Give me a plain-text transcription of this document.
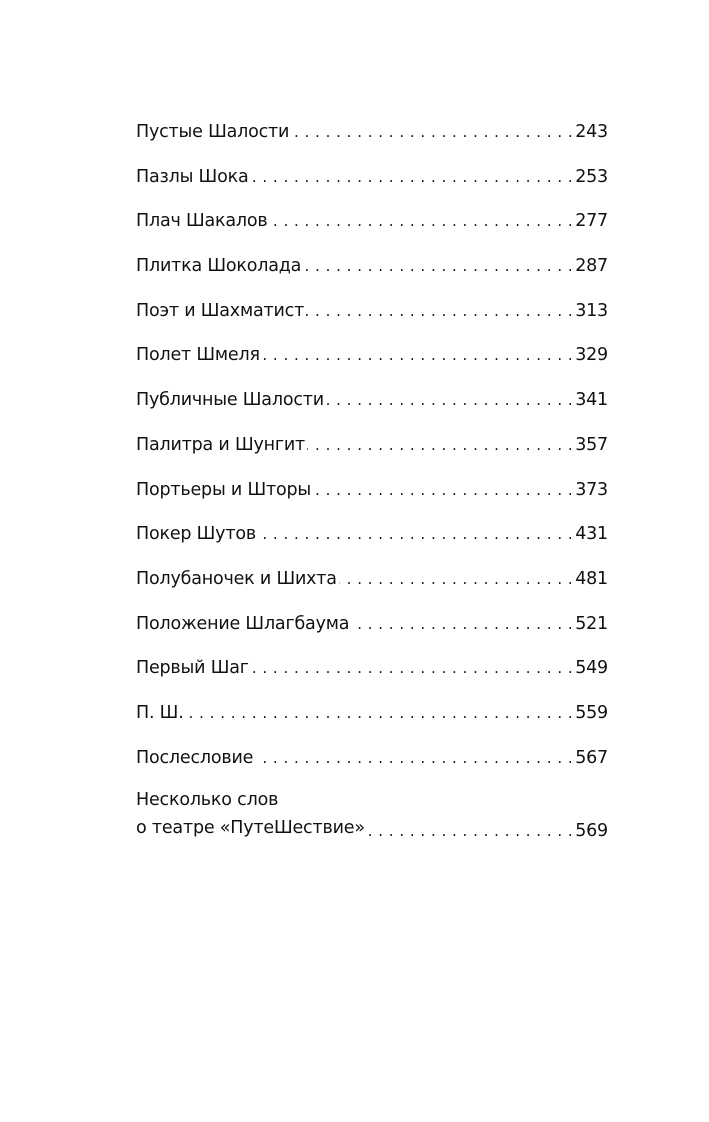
Пустые Шалости . . .	243
Пазлы Шока . . .	253
Плач Шакалов . . .	277
Плитка Шоколада . . .	287
Поэт и Шахматист . . .	313
Полет Шмеля . . .	329
Публичные Шалости . . .	341
Палитра и Шунгит . . .	357
Портьеры и Шторы . . .	373
Покер Шутов . . .	431
Полубаночек и Шихта . . .	481
Положение Шлагбаума . . .	521
Первый Шаг . . .	549
П. Ш. . . .	559
Послесловие . . .	567
Несколько слов
о театре «ПутеШествие» . . .	569
